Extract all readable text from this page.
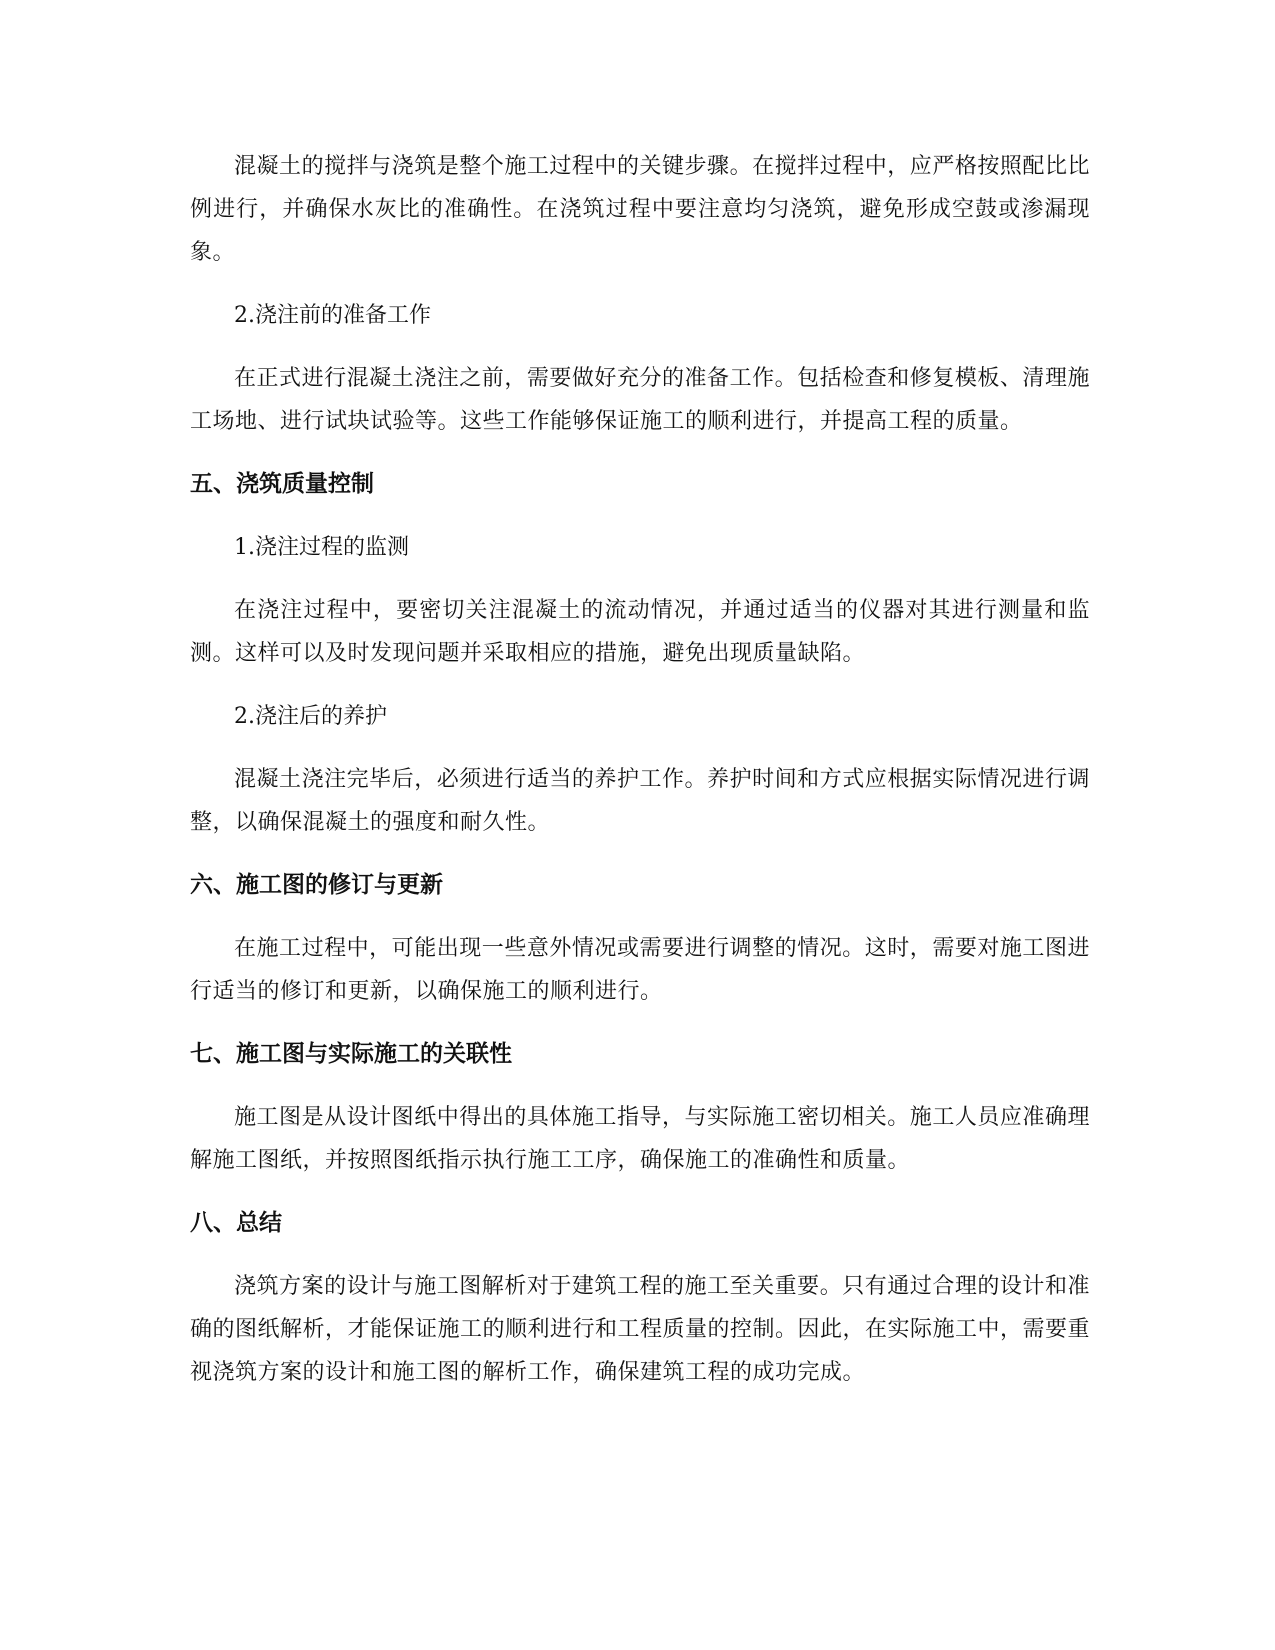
混凝土的搅拌与浇筑是整个施工过程中的关键步骤。在搅拌过程中，应严格按照配比比例进行，并确保水灰比的准确性。在浇筑过程中要注意均匀浇筑，避免形成空鼓或渗漏现象。

2.浇注前的准备工作

在正式进行混凝土浇注之前，需要做好充分的准备工作。包括检查和修复模板、清理施工场地、进行试块试验等。这些工作能够保证施工的顺利进行，并提高工程的质量。

五、浇筑质量控制

1.浇注过程的监测

在浇注过程中，要密切关注混凝土的流动情况，并通过适当的仪器对其进行测量和监测。这样可以及时发现问题并采取相应的措施，避免出现质量缺陷。

2.浇注后的养护

混凝土浇注完毕后，必须进行适当的养护工作。养护时间和方式应根据实际情况进行调整，以确保混凝土的强度和耐久性。

六、施工图的修订与更新

在施工过程中，可能出现一些意外情况或需要进行调整的情况。这时，需要对施工图进行适当的修订和更新，以确保施工的顺利进行。

七、施工图与实际施工的关联性

施工图是从设计图纸中得出的具体施工指导，与实际施工密切相关。施工人员应准确理解施工图纸，并按照图纸指示执行施工工序，确保施工的准确性和质量。

八、总结

浇筑方案的设计与施工图解析对于建筑工程的施工至关重要。只有通过合理的设计和准确的图纸解析，才能保证施工的顺利进行和工程质量的控制。因此，在实际施工中，需要重视浇筑方案的设计和施工图的解析工作，确保建筑工程的成功完成。
